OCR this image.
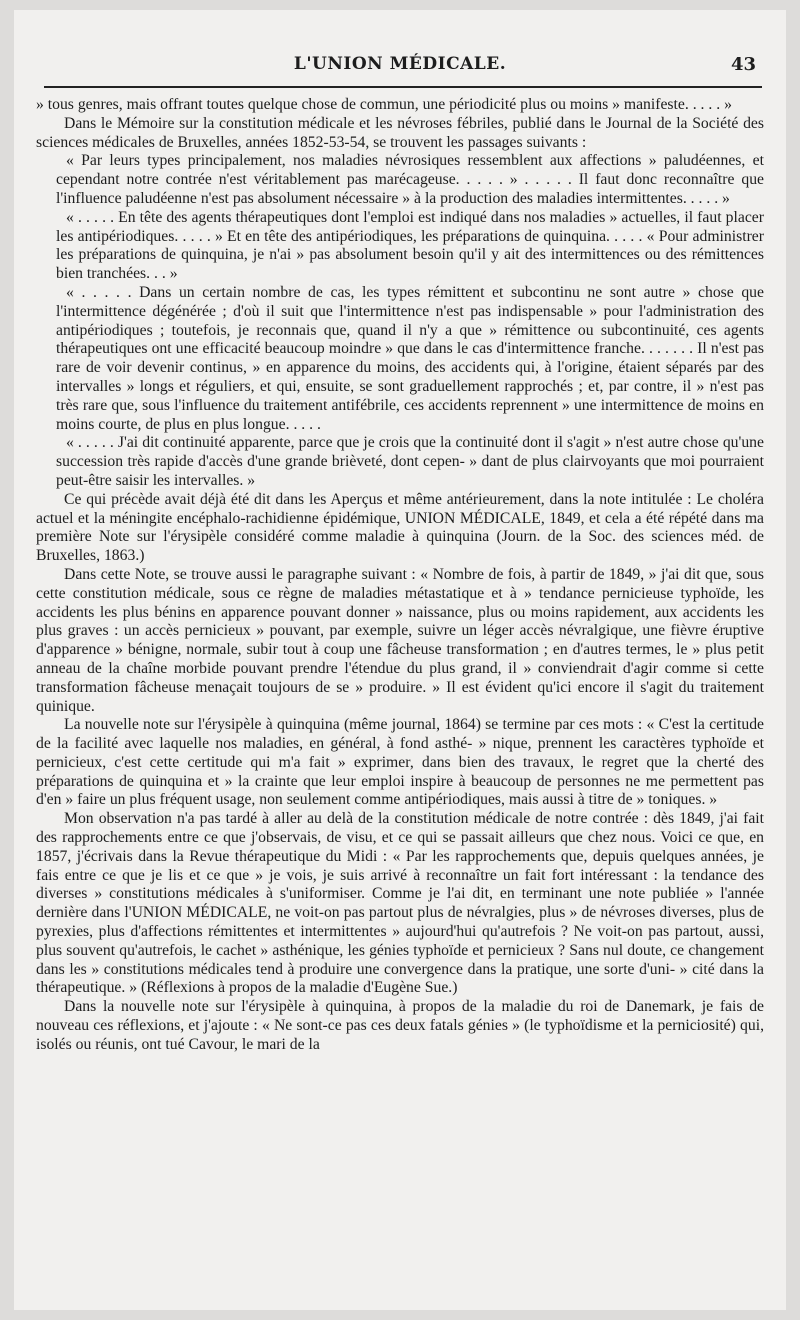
L'UNION MÉDICALE.	43

» tous genres, mais offrant toutes quelque chose de commun, une périodicité plus ou moins » manifeste. . . . . »

Dans le Mémoire sur la constitution médicale et les névroses fébriles, publié dans le Journal de la Société des sciences médicales de Bruxelles, années 1852-53-54, se trouvent les passages suivants :

« Par leurs types principalement, nos maladies névrosiques ressemblent aux affections » paludéennes, et cependant notre contrée n'est véritablement pas marécageuse. . . . . » . . . . . Il faut donc reconnaître que l'influence paludéenne n'est pas absolument nécessaire » à la production des maladies intermittentes. . . . . »

« . . . . . En tête des agents thérapeutiques dont l'emploi est indiqué dans nos maladies » actuelles, il faut placer les antipériodiques. . . . . » Et en tête des antipériodiques, les préparations de quinquina. . . . . « Pour administrer les préparations de quinquina, je n'ai » pas absolument besoin qu'il y ait des intermittences ou des rémittences bien tranchées. . . »

« . . . . . Dans un certain nombre de cas, les types rémittent et subcontinu ne sont autre » chose que l'intermittence dégénérée ; d'où il suit que l'intermittence n'est pas indispensable » pour l'administration des antipériodiques ; toutefois, je reconnais que, quand il n'y a que » rémittence ou subcontinuité, ces agents thérapeutiques ont une efficacité beaucoup moindre » que dans le cas d'intermittence franche. . . . . . . Il n'est pas rare de voir devenir continus, » en apparence du moins, des accidents qui, à l'origine, étaient séparés par des intervalles » longs et réguliers, et qui, ensuite, se sont graduellement rapprochés ; et, par contre, il » n'est pas très rare que, sous l'influence du traitement antifébrile, ces accidents reprennent » une intermittence de moins en moins courte, de plus en plus longue. . . . .

« . . . . . J'ai dit continuité apparente, parce que je crois que la continuité dont il s'agit » n'est autre chose qu'une succession très rapide d'accès d'une grande brièveté, dont cepen- » dant de plus clairvoyants que moi pourraient peut-être saisir les intervalles. »

Ce qui précède avait déjà été dit dans les Aperçus et même antérieurement, dans la note intitulée : Le choléra actuel et la méningite encéphalo-rachidienne épidémique, UNION MÉDICALE, 1849, et cela a été répété dans ma première Note sur l'érysipèle considéré comme maladie à quinquina (Journ. de la Soc. des sciences méd. de Bruxelles, 1863.)

Dans cette Note, se trouve aussi le paragraphe suivant : « Nombre de fois, à partir de 1849, » j'ai dit que, sous cette constitution médicale, sous ce règne de maladies métastatique et à » tendance pernicieuse typhoïde, les accidents les plus bénins en apparence pouvant donner » naissance, plus ou moins rapidement, aux accidents les plus graves : un accès pernicieux » pouvant, par exemple, suivre un léger accès névralgique, une fièvre éruptive d'apparence » bénigne, normale, subir tout à coup une fâcheuse transformation ; en d'autres termes, le » plus petit anneau de la chaîne morbide pouvant prendre l'étendue du plus grand, il » conviendrait d'agir comme si cette transformation fâcheuse menaçait toujours de se » produire. » Il est évident qu'ici encore il s'agit du traitement quinique.

La nouvelle note sur l'érysipèle à quinquina (même journal, 1864) se termine par ces mots : « C'est la certitude de la facilité avec laquelle nos maladies, en général, à fond asthé- » nique, prennent les caractères typhoïde et pernicieux, c'est cette certitude qui m'a fait » exprimer, dans bien des travaux, le regret que la cherté des préparations de quinquina et » la crainte que leur emploi inspire à beaucoup de personnes ne me permettent pas d'en » faire un plus fréquent usage, non seulement comme antipériodiques, mais aussi à titre de » toniques. »

Mon observation n'a pas tardé à aller au delà de la constitution médicale de notre contrée : dès 1849, j'ai fait des rapprochements entre ce que j'observais, de visu, et ce qui se passait ailleurs que chez nous. Voici ce que, en 1857, j'écrivais dans la Revue thérapeutique du Midi : « Par les rapprochements que, depuis quelques années, je fais entre ce que je lis et ce que » je vois, je suis arrivé à reconnaître un fait fort intéressant : la tendance des diverses » constitutions médicales à s'uniformiser. Comme je l'ai dit, en terminant une note publiée » l'année dernière dans l'UNION MÉDICALE, ne voit-on pas partout plus de névralgies, plus » de névroses diverses, plus de pyrexies, plus d'affections rémittentes et intermittentes » aujourd'hui qu'autrefois ? Ne voit-on pas partout, aussi, plus souvent qu'autrefois, le cachet » asthénique, les génies typhoïde et pernicieux ? Sans nul doute, ce changement dans les » constitutions médicales tend à produire une convergence dans la pratique, une sorte d'uni- » cité dans la thérapeutique. » (Réflexions à propos de la maladie d'Eugène Sue.)

Dans la nouvelle note sur l'érysipèle à quinquina, à propos de la maladie du roi de Danemark, je fais de nouveau ces réflexions, et j'ajoute : « Ne sont-ce pas ces deux fatals génies » (le typhoïdisme et la perniciosité) qui, isolés ou réunis, ont tué Cavour, le mari de la
